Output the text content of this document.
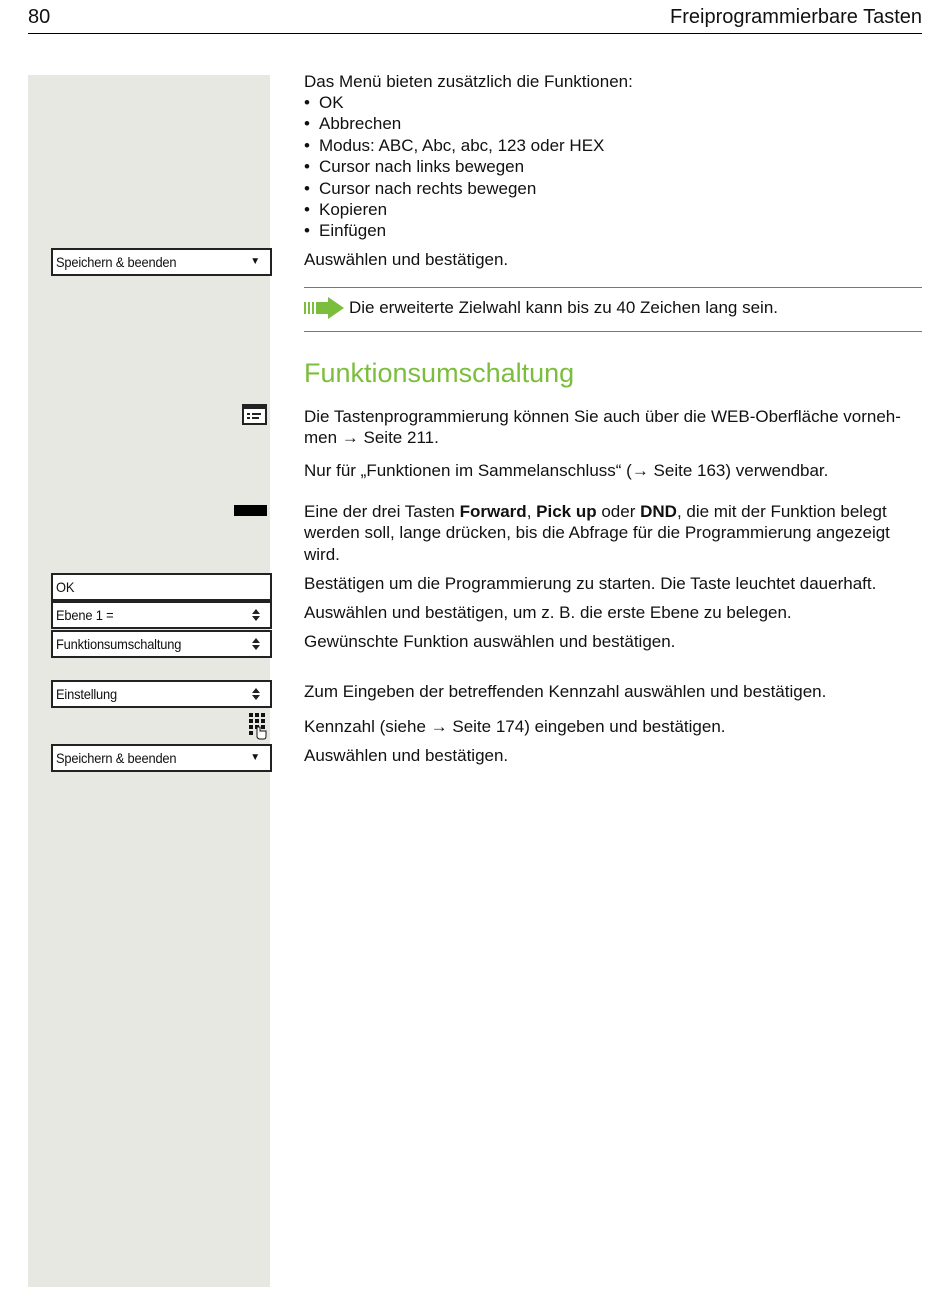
80	Freiprogrammierbare Tasten
Speichern & beenden	▼
OK
Ebene 1 =
Funktionsumschaltung
Einstellung
Speichern & beenden	▼
Das Menü bieten zusätzlich die Funktionen:
• OK
• Abbrechen
• Modus: ABC, Abc, abc, 123 oder HEX
• Cursor nach links bewegen
• Cursor nach rechts bewegen
• Kopieren
• Einfügen
Auswählen und bestätigen.
Die erweiterte Zielwahl kann bis zu 40 Zeichen lang sein.
Funktionsumschaltung
Die Tastenprogrammierung können Sie auch über die WEB-Oberfläche vorneh-
men → Seite 211.
Nur für „Funktionen im Sammelanschluss“ (→ Seite 163) verwendbar.
Eine der drei Tasten Forward, Pick up oder DND, die mit der Funktion belegt
werden soll, lange drücken, bis die Abfrage für die Programmierung angezeigt
wird.
Bestätigen um die Programmierung zu starten. Die Taste leuchtet dauerhaft.
Auswählen und bestätigen, um z. B. die erste Ebene zu belegen.
Gewünschte Funktion auswählen und bestätigen.
Zum Eingeben der betreffenden Kennzahl auswählen und bestätigen.
Kennzahl (siehe → Seite 174) eingeben und bestätigen.
Auswählen und bestätigen.
